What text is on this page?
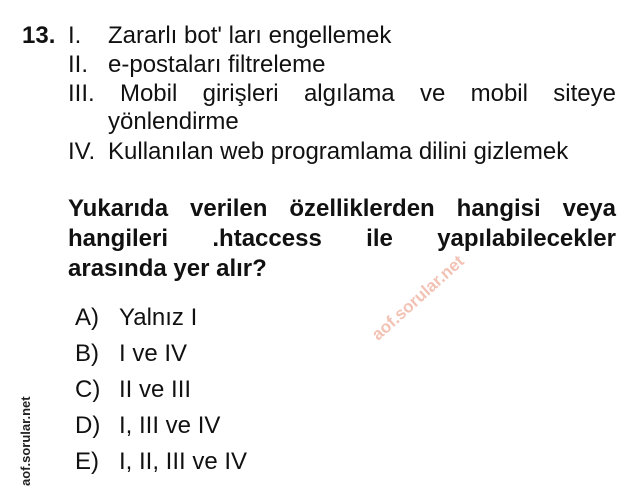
13. I. Zararlı bot' ları engellemek
II. e-postaları filtreleme
III. Mobil girişleri algılama ve mobil siteye
yönlendirme
IV. Kullanılan web programlama dilini gizlemek
Yukarıda verilen özelliklerden hangisi veya
hangileri .htaccess ile yapılabilecekler
arasında yer alır?
A) Yalnız I
B) I ve IV
C) II ve III
D) I, III ve IV
E) I, II, III ve IV
aof.sorular.net
aof.sorular.net
